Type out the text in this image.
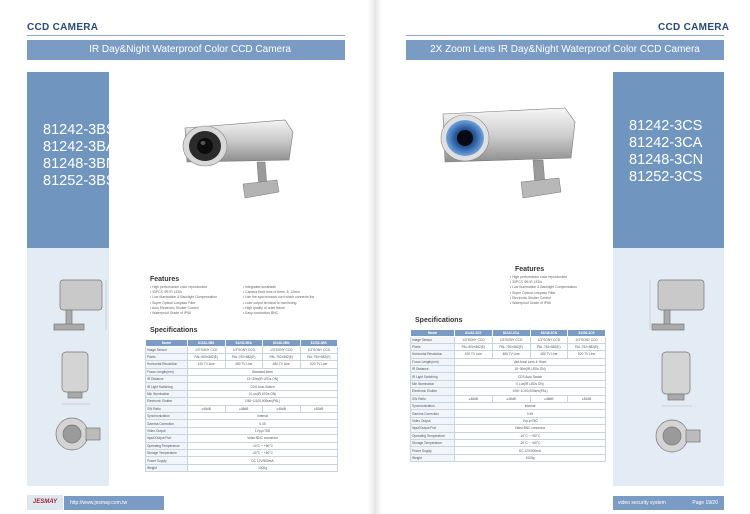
CCD CAMERA
IR Day&Night Waterproof Color CCD Camera
81242-3BS
81242-3BA
81248-3BN
81252-3BS
Features
• High performance color reproduction
• 30PCS Φ5 IR LEDs
• Low illumination & Backlight Compensation
• Super Optical Lowpass Filter
• Auto Electronic Shutter Control
• Waterproof Grade of IP66
• Integrated sunshade
• Camera fixed lens of 6mm, 8, 12mm
• Use the synchronous cord which connects the
• color output terminal to monitoring
• High quality of outer frame
• Easy connection BNC
Specifications
Model	81242-3BS	81242-3BA	81248-3BN	81252-3BS
Image Sensor	1/3"SONY CCD	1/3"SONY CCD	1/3"SONY CCD	1/3"SONY CCD
Pixels	PAL:500×582(E)	PAL:752×582(E)	PAL:752×582(E)	PAL:752×582(E)
Horizontal Resolution	420 TV Line	480 TV Line	480 TV Line	520 TV Line
Focus Length(mm)	Standard:6mm			
IR Distance	15~30m(IR LEDs ON)			
IR Light Switching	CDS Auto Switch			
Min Illumination	0 Lux(IR LEDs ON)			
Electronic Shutter	1/50~1/100,000sec(PAL)			
S/N Ratio	≥48dB	≥48dB	≥48dB	≥52dB
Synchronization	Internal			
Gamma Correction	0.45			
Video Output	1Vp-p/75Ω			
Input/Output Port	Video BNC connector			
Operating Temperature	-10°C ~ +50°C			
Storage Temperature	-20°C ~ +60°C			
Power Supply	DC 12V/500mA			
Weight	1000g			
JESMAY	http://www.jesmay.com.tw
CCD CAMERA
2X Zoom Lens IR Day&Night Waterproof Color CCD Camera
81242-3CS
81242-3CA
81248-3CN
81252-3CS
Features
• High performance color reproduction
• 30PCS Φ5 IR LEDs
• Low illumination & Backlight Compensation
• Super Optical Lowpass Filter
• Electronic Shutter Control
• Waterproof Grade of IP66
Specifications
Model	81242-3CS	81242-3CA	81248-3CN	81252-3CS
Image Sensor	1/3"SONY CCD	1/3"SONY CCD	1/3"SONY CCD	1/3"SONY CCD
Pixels	PAL:500×582(E)	PAL:752×582(E)	PAL:752×582(E)	PAL:752×582(E)
Horizontal Resolution	420 TV Line	480 TV Line	480 TV Line	520 TV Line
Focus Length(mm)	Vari-focal Lens 4~9mm			
IR Distance	15~30m(IR LEDs ON)			
IR Light Switching	CDS Auto Switch			
Min Illumination	0 Lux(IR LEDs ON)			
Electronic Shutter	1/50~1/100,000sec(PAL)			
S/N Ratio	≥48dB	≥48dB	≥48dB	≥52dB
Synchronization	Internal			
Gamma Correction	0.45			
Video Output	1Vp-p/75Ω			
Input/Output Port	Video BNC connector			
Operating Temperature	-10°C ~ +50°C			
Storage Temperature	-20°C ~ +60°C			
Power Supply	DC 12V/500mA			
Weight	1000g			
video security system	Page 19/20
